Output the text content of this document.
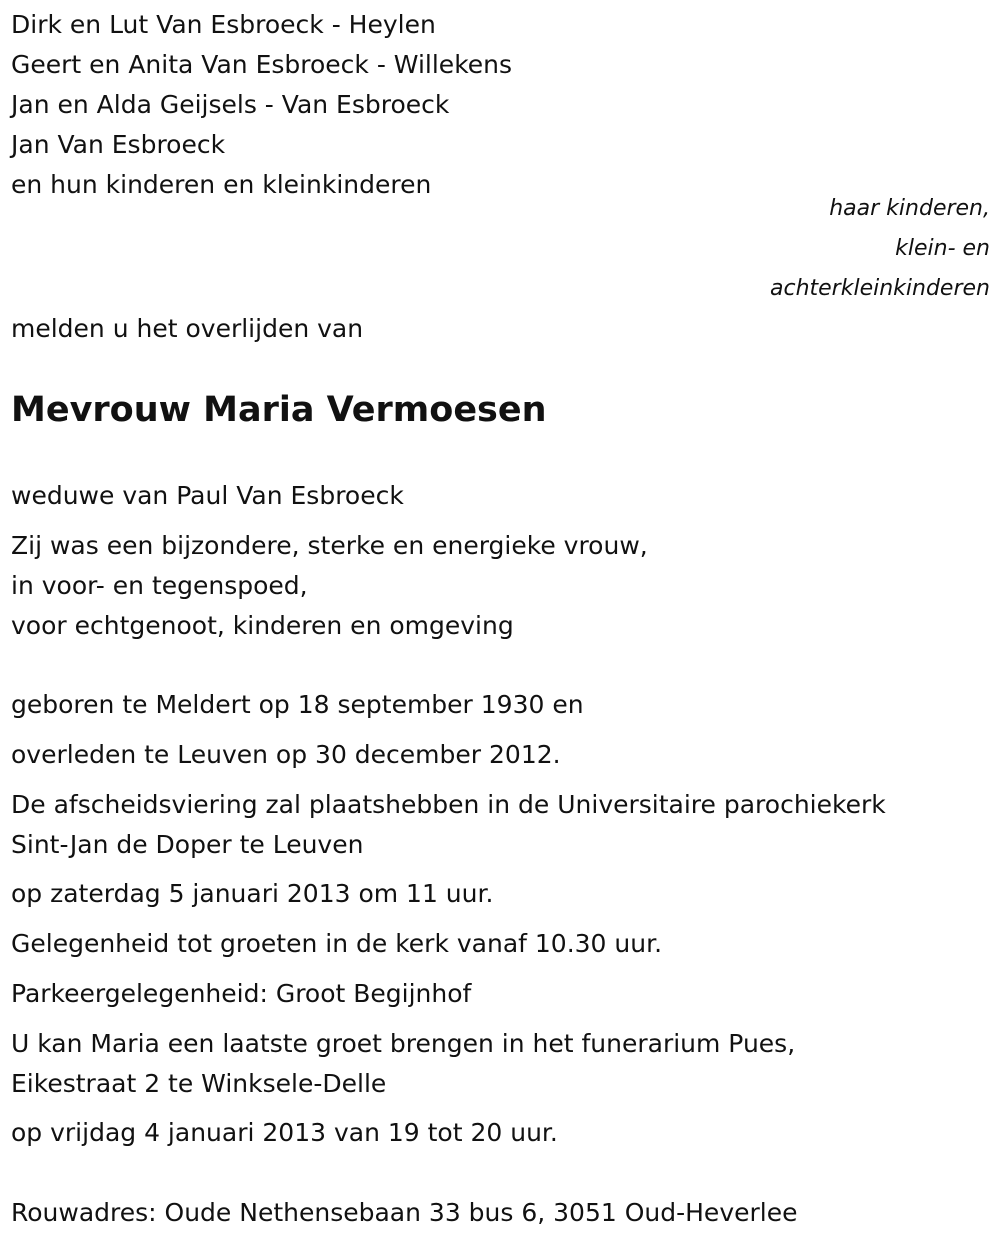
Dirk en Lut Van Esbroeck - Heylen
Geert en Anita Van Esbroeck - Willekens
Jan en Alda Geijsels - Van Esbroeck
Jan Van Esbroeck
en hun kinderen en kleinkinderen
haar kinderen,
klein- en
achterkleinkinderen
melden u het overlijden van
Mevrouw Maria Vermoesen
weduwe van Paul Van Esbroeck
Zij was een bijzondere, sterke en energieke vrouw,
in voor- en tegenspoed,
voor echtgenoot, kinderen en omgeving
geboren te Meldert op 18 september 1930 en
overleden te Leuven op 30 december 2012.
De afscheidsviering zal plaatshebben in de Universitaire parochiekerk
Sint-Jan de Doper te Leuven
op zaterdag 5 januari 2013 om 11 uur.
Gelegenheid tot groeten in de kerk vanaf 10.30 uur.
Parkeergelegenheid: Groot Begijnhof
U kan Maria een laatste groet brengen in het funerarium Pues,
Eikestraat 2 te Winksele-Delle
op vrijdag 4 januari 2013 van 19 tot 20 uur.
Rouwadres: Oude Nethensebaan 33 bus 6, 3051 Oud-Heverlee
